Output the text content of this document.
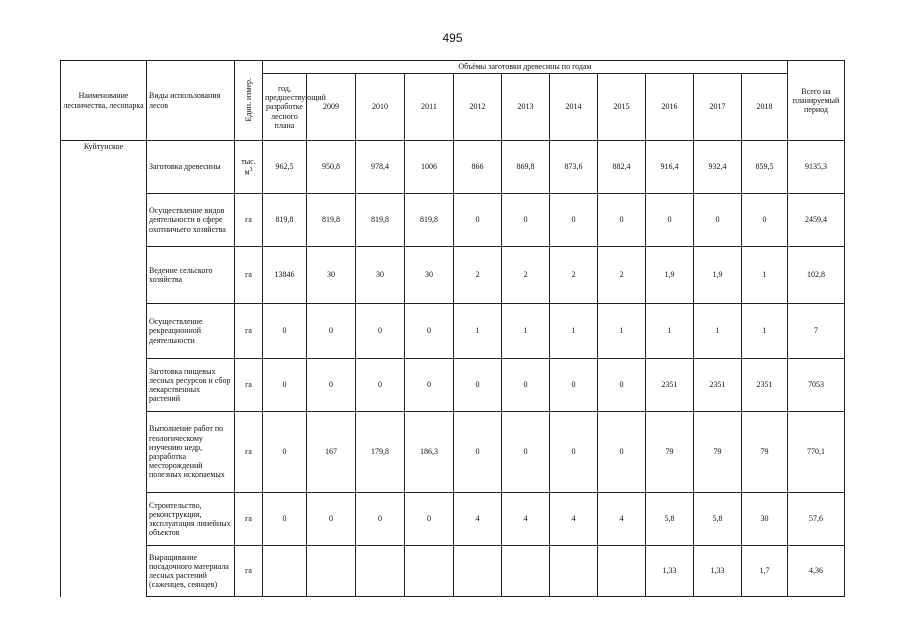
495
Наименование лесничества, лесопарка	Виды использования лесов	Един. измер.	Объёмы заготовки древесины по годам											Всего на планируемый период
			год, предшествующий разработке лесного плана	2009	2010	2011	2012	2013	2014	2015	2016	2017	2018	
Куйтунское	Заготовка древесины	тыс. $м^3$	962,5	950,8	978,4	1006	866	869,8	873,6	882,4	916,4	932,4	859,5	9135,3
	Осуществление видов деятельности в сфере охотничьего хозяйства	га	819,8	819,8	819,8	819,8	0	0	0	0	0	0	0	2459,4
	Ведение сельского хозяйства	га	13846	30	30	30	2	2	2	2	1,9	1,9	1	102,8
	Осуществление рекреационной деятельности	га	0	0	0	0	1	1	1	1	1	1	1	7
	Заготовка пищевых лесных ресурсов и сбор лекарственных растений	га	0	0	0	0	0	0	0	0	2351	2351	2351	7053
	Выполнение работ по геологическому изучению недр, разработка месторождений полезных ископаемых	га	0	167	179,8	186,3	0	0	0	0	79	79	79	770,1
	Строительство, реконструкция, эксплуатация линейных объектов	га	0	0	0	0	4	4	4	4	5,8	5,8	30	57,6
	Выращивание посадочного материала лесных растений (саженцев, сеянцев)	га									1,33	1,33	1,7	4,36
